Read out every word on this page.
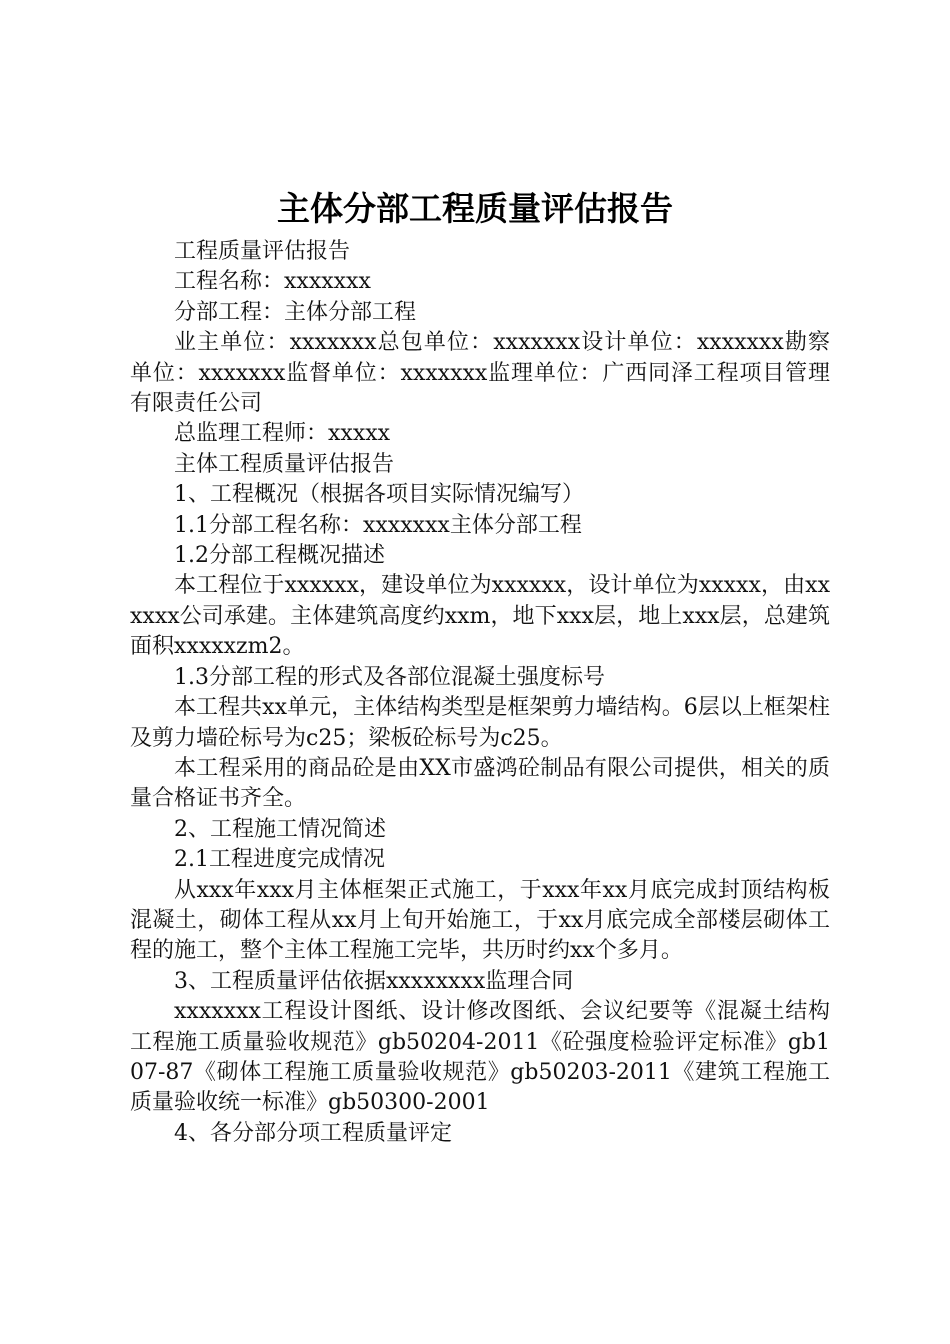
主体分部工程质量评估报告

工程质量评估报告

工程名称：xxxxxxx

分部工程：主体分部工程

业主单位：xxxxxxx总包单位：xxxxxxx设计单位：xxxxxxx勘察单位：xxxxxxx监督单位：xxxxxxx监理单位：广西同泽工程项目管理有限责任公司

总监理工程师：xxxxx

主体工程质量评估报告

1、工程概况（根据各项目实际情况编写）

1.1分部工程名称：xxxxxxx主体分部工程

1.2分部工程概况描述

本工程位于xxxxxx，建设单位为xxxxxx，设计单位为xxxxx，由xxxxxx公司承建。主体建筑高度约xxm，地下xxx层，地上xxx层，总建筑面积xxxxxzm2。

1.3分部工程的形式及各部位混凝土强度标号

本工程共xx单元，主体结构类型是框架剪力墙结构。6层以上框架柱及剪力墙砼标号为c25；梁板砼标号为c25。

本工程采用的商品砼是由XX市盛鸿砼制品有限公司提供，相关的质量合格证书齐全。

2、工程施工情况简述

2.1工程进度完成情况

从xxx年xxx月主体框架正式施工，于xxx年xx月底完成封顶结构板混凝土，砌体工程从xx月上旬开始施工，于xx月底完成全部楼层砌体工程的施工，整个主体工程施工完毕，共历时约xx个多月。

3、工程质量评估依据xxxxxxxx监理合同

xxxxxxx工程设计图纸、设计修改图纸、会议纪要等《混凝土结构工程施工质量验收规范》gb50204-2011《砼强度检验评定标准》gb107-87《砌体工程施工质量验收规范》gb50203-2011《建筑工程施工质量验收统一标准》gb50300-2001

4、各分部分项工程质量评定
